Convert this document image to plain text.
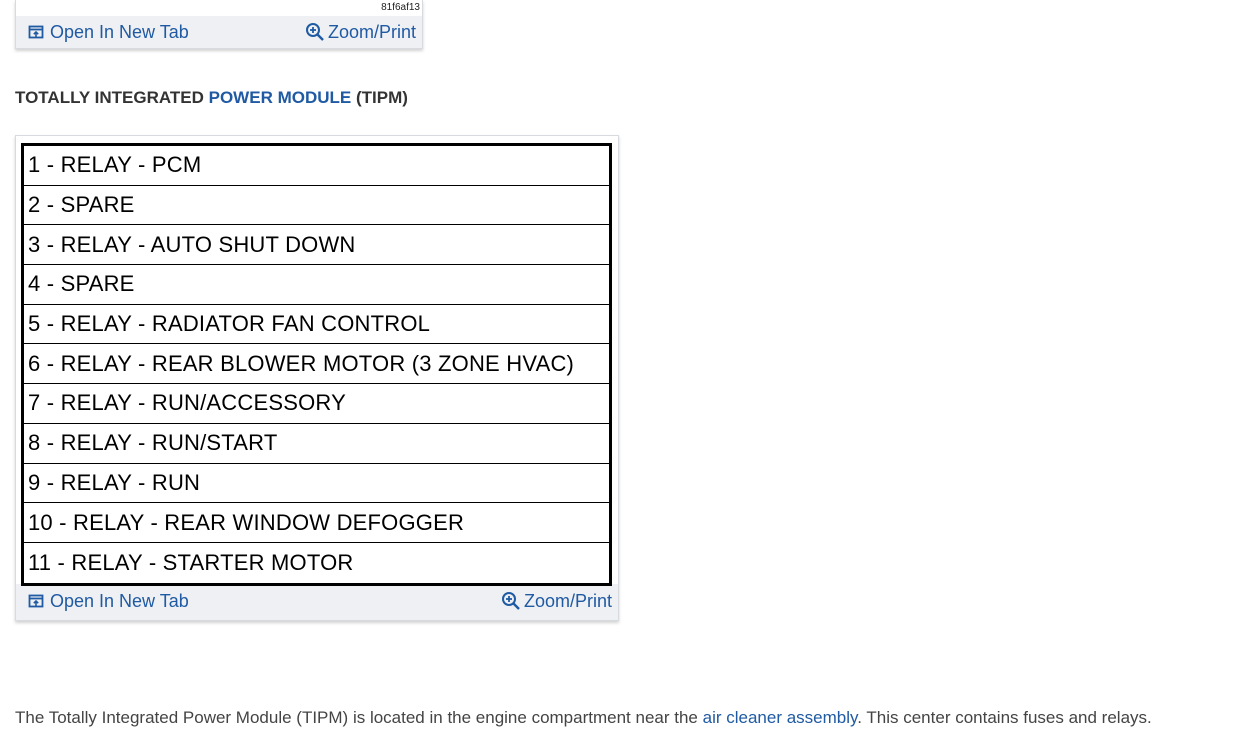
81f6af13
Open In New Tab	Zoom/Print
TOTALLY INTEGRATED POWER MODULE (TIPM)
1 - RELAY - PCM
2 - SPARE
3 - RELAY - AUTO SHUT DOWN
4 - SPARE
5 - RELAY - RADIATOR FAN CONTROL
6 - RELAY - REAR BLOWER MOTOR (3 ZONE HVAC)
7 - RELAY - RUN/ACCESSORY
8 - RELAY - RUN/START
9 - RELAY - RUN
10 - RELAY - REAR WINDOW DEFOGGER
11 - RELAY - STARTER MOTOR
Open In New Tab	Zoom/Print
The Totally Integrated Power Module (TIPM) is located in the engine compartment near the air cleaner assembly. This center contains fuses and relays.
